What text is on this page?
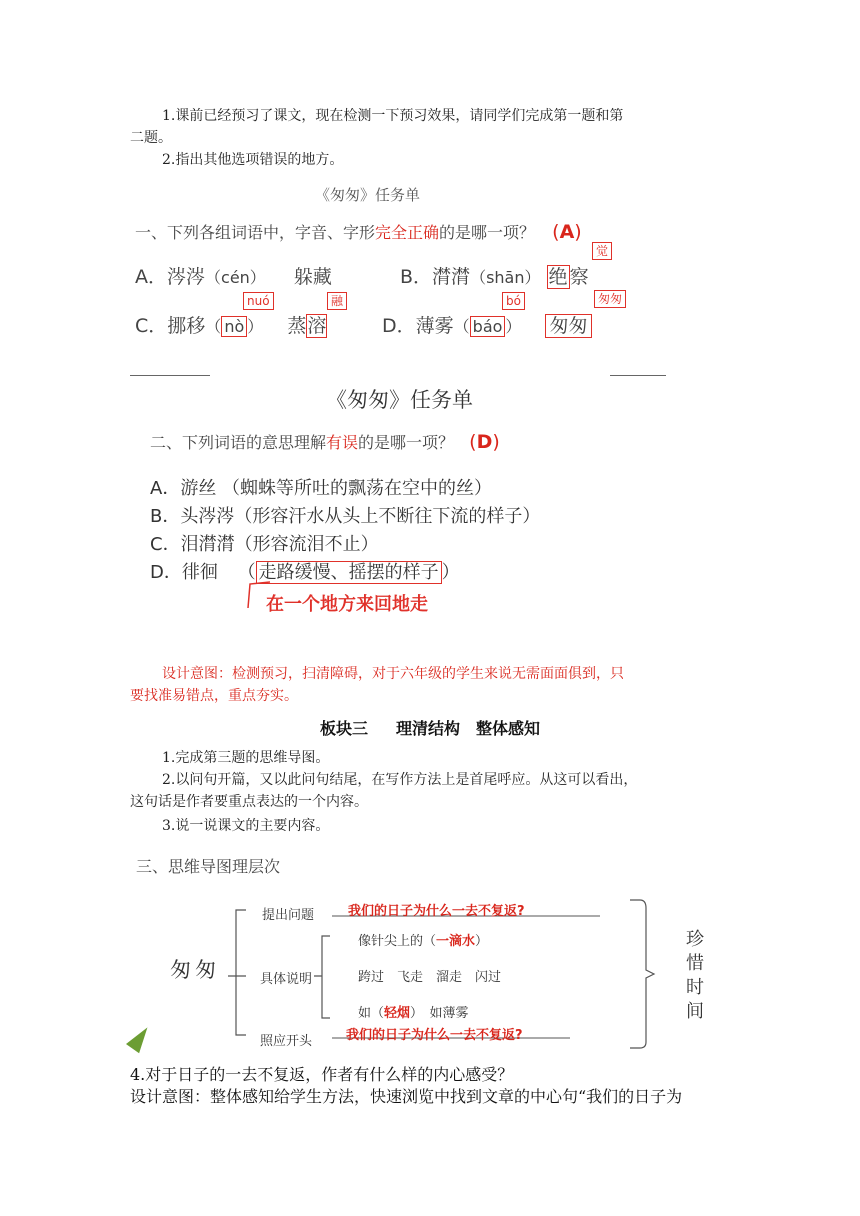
1.课前已经预习了课文，现在检测一下预习效果，请同学们完成第一题和第

二题。

2.指出其他选项错误的地方。

《匆匆》任务单
一、下列各组词语中，字音、字形完全正确的是哪一项？ (A)
A．涔涔（cén） 躲藏	B．潸潸（shān） 绝 察
觉
C．挪移（ nò ） 蒸溶
nuó	融
D．薄雾（ báo ） 匆匆
bó	匆匆
《匆匆》任务单
二、下列词语的意思理解有误的是哪一项？ (D)
A．游丝 （蜘蛛等所吐的飘荡在空中的丝）
B．头涔涔（形容汗水从头上不断往下流的样子）
C．泪潸潸（形容流泪不止）
D．徘徊 （ 走路缓慢、摇摆的样子 ）
在一个地方来回地走

设计意图：检测预习，扫清障碍，对于六年级的学生来说无需面面俱到，只

要找准易错点，重点夯实。

板块三 理清结构 整体感知

1.完成第三题的思维导图。

2.以问句开篇，又以此问句结尾，在写作方法上是首尾呼应。从这可以看出，

这句话是作者要重点表达的一个内容。

3.说一说课文的主要内容。

三、思维导图理层次
匆匆
提出问题	我们的日子为什么一去不复返?
具体说明
像针尖上的（一滴水）
跨过　飞走　溜走　闪过
如（轻烟）　如薄雾
照应开头	我们的日子为什么一去不复返?
珍
惜
时
间
4.对于日子的一去不复返，作者有什么样的内心感受？
设计意图：整体感知给学生方法，快速浏览中找到文章的中心句“我们的日子为
